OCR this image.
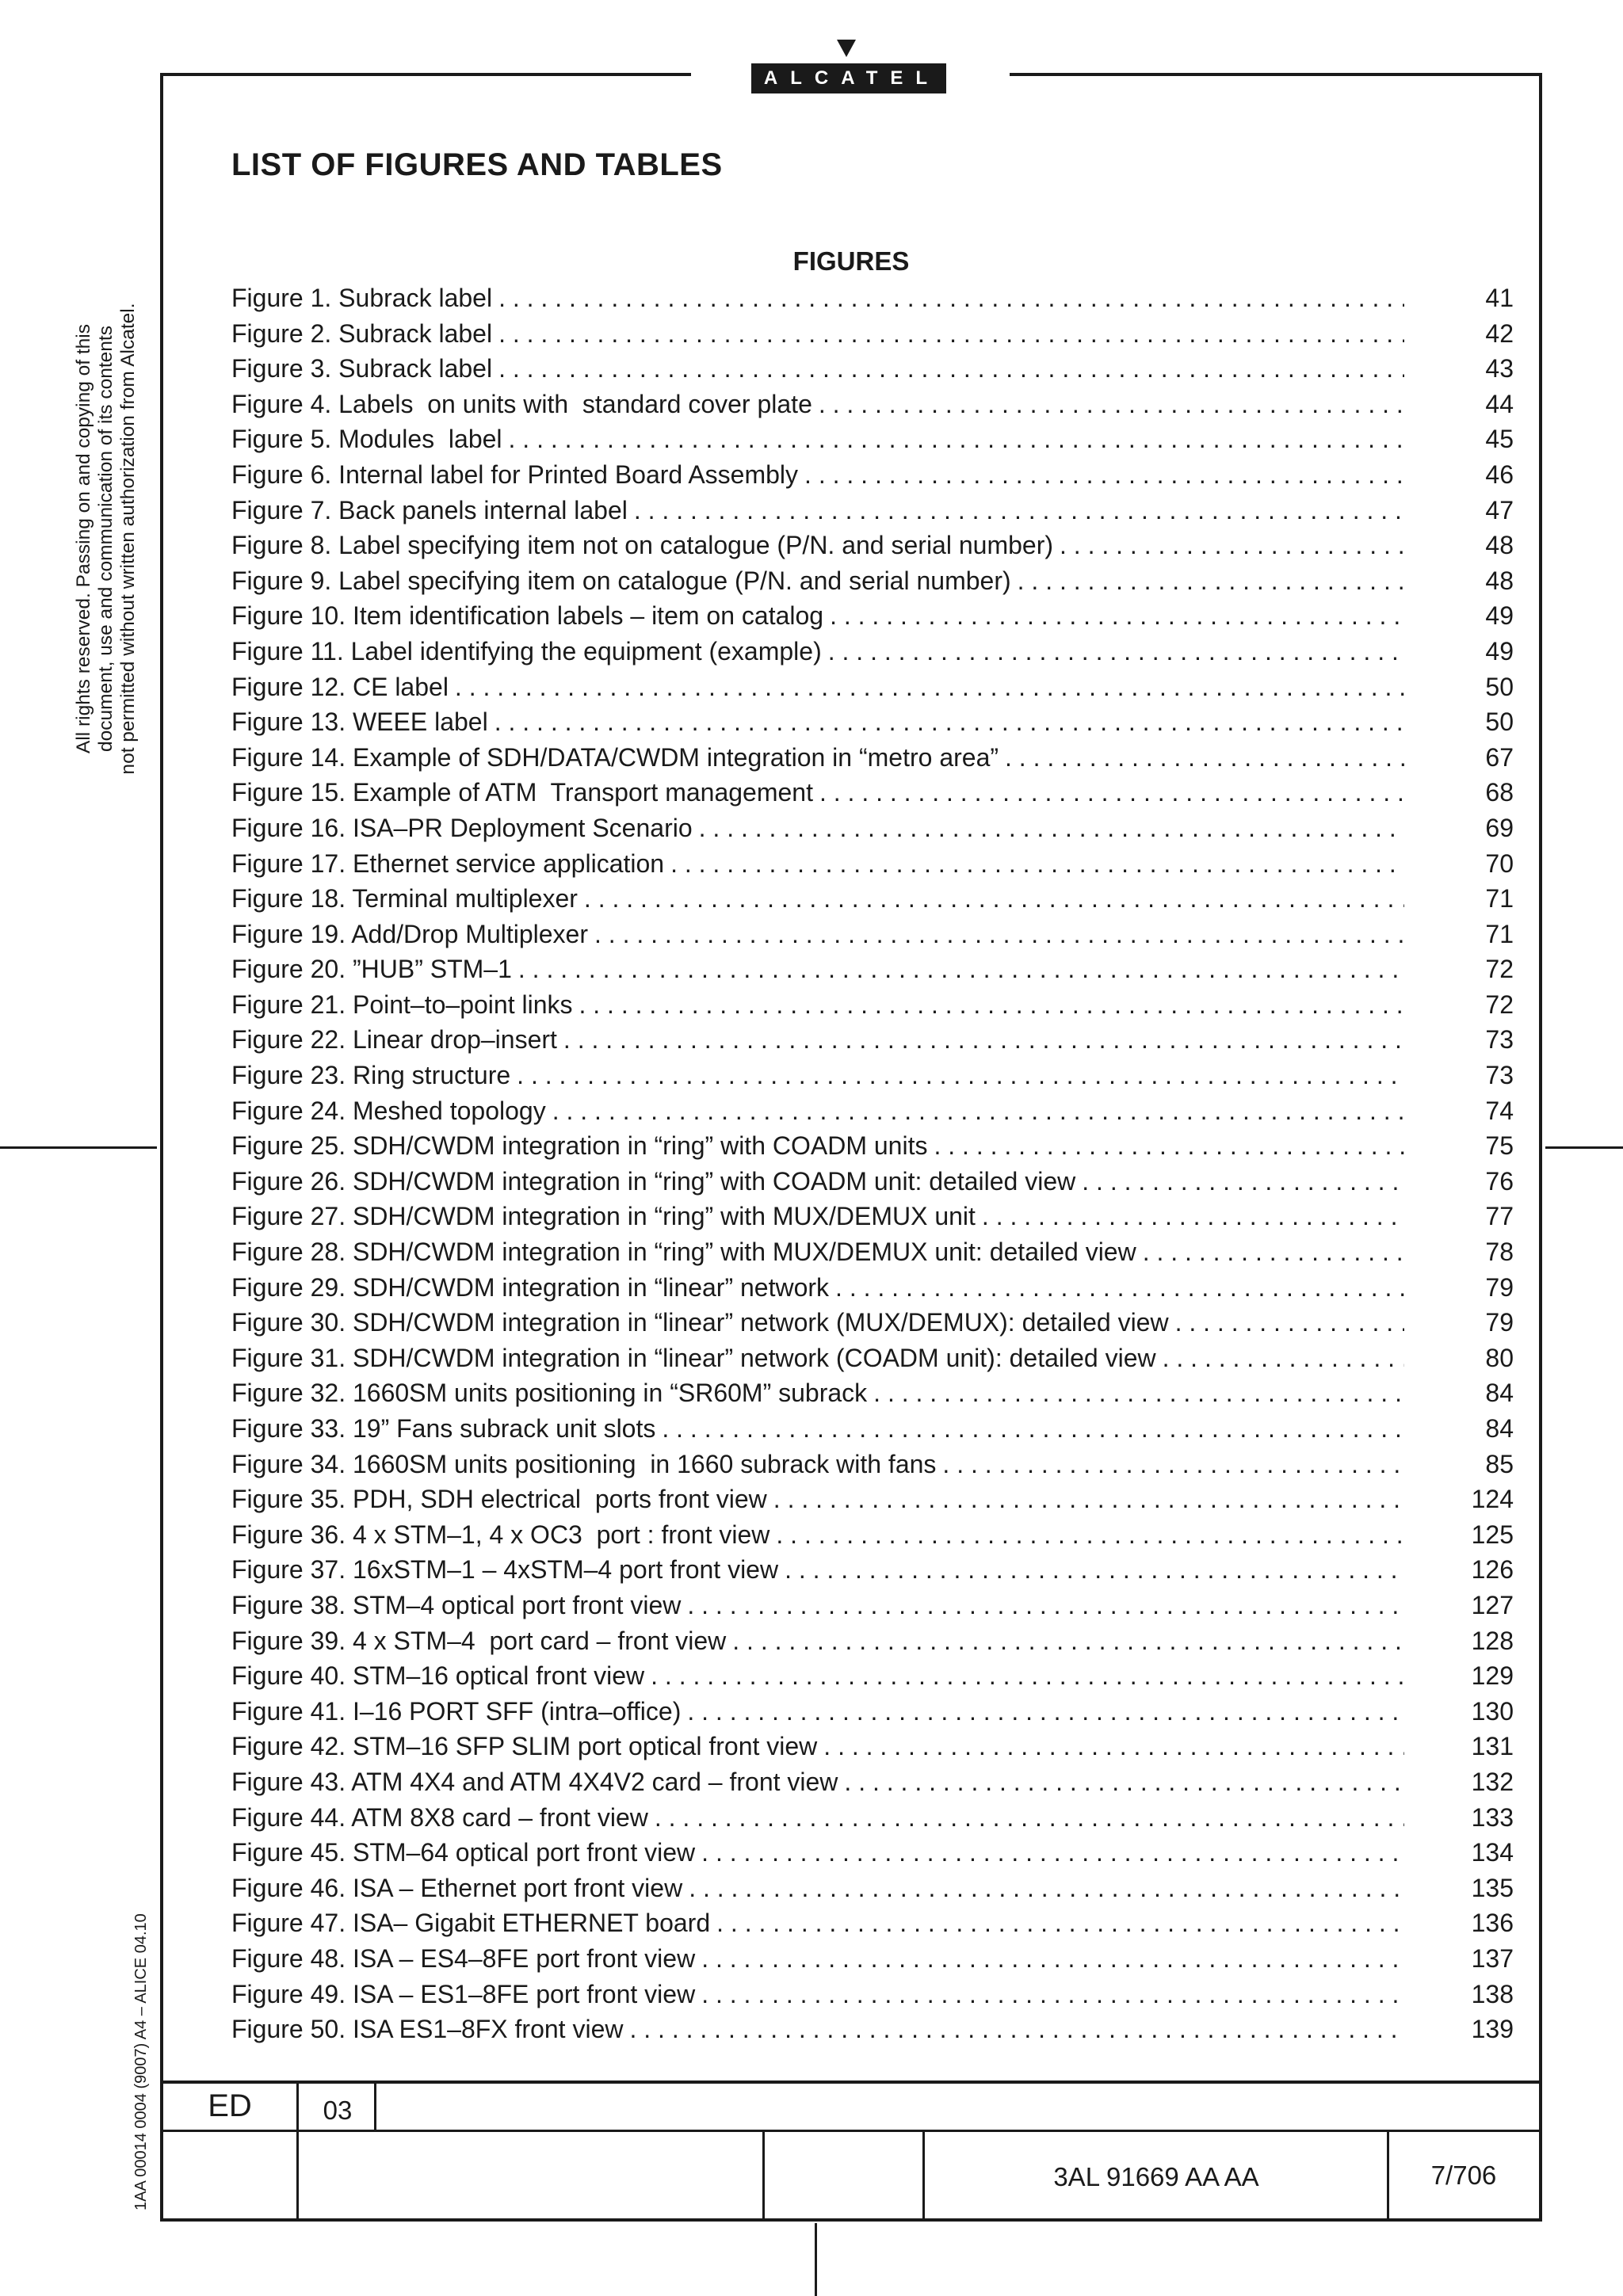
ALCATEL
LIST OF FIGURES AND TABLES
FIGURES
Figure 1. Subrack label . . .	41
Figure 2. Subrack label . . .	42
Figure 3. Subrack label . . .	43
Figure 4. Labels  on units with  standard cover plate . . .	44
Figure 5. Modules  label . . .	45
Figure 6. Internal label for Printed Board Assembly . . .	46
Figure 7. Back panels internal label . . .	47
Figure 8. Label specifying item not on catalogue (P/N. and serial number) . . .	48
Figure 9. Label specifying item on catalogue (P/N. and serial number) . . .	48
Figure 10. Item identification labels – item on catalog . . .	49
Figure 11. Label identifying the equipment (example) . . .	49
Figure 12. CE label . . .	50
Figure 13. WEEE label . . .	50
Figure 14. Example of SDH/DATA/CWDM integration in “metro area” . . .	67
Figure 15. Example of ATM  Transport management . . .	68
Figure 16. ISA–PR Deployment Scenario . . .	69
Figure 17. Ethernet service application . . .	70
Figure 18. Terminal multiplexer . . .	71
Figure 19. Add/Drop Multiplexer . . .	71
Figure 20. ”HUB” STM–1 . . .	72
Figure 21. Point–to–point links . . .	72
Figure 22. Linear drop–insert . . .	73
Figure 23. Ring structure . . .	73
Figure 24. Meshed topology . . .	74
Figure 25. SDH/CWDM integration in “ring” with COADM units . . .	75
Figure 26. SDH/CWDM integration in “ring” with COADM unit: detailed view . . .	76
Figure 27. SDH/CWDM integration in “ring” with MUX/DEMUX unit . . .	77
Figure 28. SDH/CWDM integration in “ring” with MUX/DEMUX unit: detailed view . . .	78
Figure 29. SDH/CWDM integration in “linear” network . . .	79
Figure 30. SDH/CWDM integration in “linear” network (MUX/DEMUX): detailed view . . .	79
Figure 31. SDH/CWDM integration in “linear” network (COADM unit): detailed view . . .	80
Figure 32. 1660SM units positioning in “SR60M” subrack . . .	84
Figure 33. 19” Fans subrack unit slots . . .	84
Figure 34. 1660SM units positioning  in 1660 subrack with fans . . .	85
Figure 35. PDH, SDH electrical  ports front view . . .	124
Figure 36. 4 x STM–1, 4 x OC3  port : front view . . .	125
Figure 37. 16xSTM–1 – 4xSTM–4 port front view . . .	126
Figure 38. STM–4 optical port front view . . .	127
Figure 39. 4 x STM–4  port card – front view . . .	128
Figure 40. STM–16 optical front view . . .	129
Figure 41. I–16 PORT SFF (intra–office) . . .	130
Figure 42. STM–16 SFP SLIM port optical front view . . .	131
Figure 43. ATM 4X4 and ATM 4X4V2 card – front view . . .	132
Figure 44. ATM 8X8 card – front view . . .	133
Figure 45. STM–64 optical port front view . . .	134
Figure 46. ISA – Ethernet port front view . . .	135
Figure 47. ISA– Gigabit ETHERNET board . . .	136
Figure 48. ISA – ES4–8FE port front view . . .	137
Figure 49. ISA – ES1–8FE port front view . . .	138
Figure 50. ISA ES1–8FX front view . . .	139
All rights reserved. Passing on and copying of this document, use and communication of its contents not permitted without written authorization from Alcatel.
1AA 00014 0004 (9007) A4 – ALICE 04.10	ED	03
3AL 91669 AA AA	7/706
